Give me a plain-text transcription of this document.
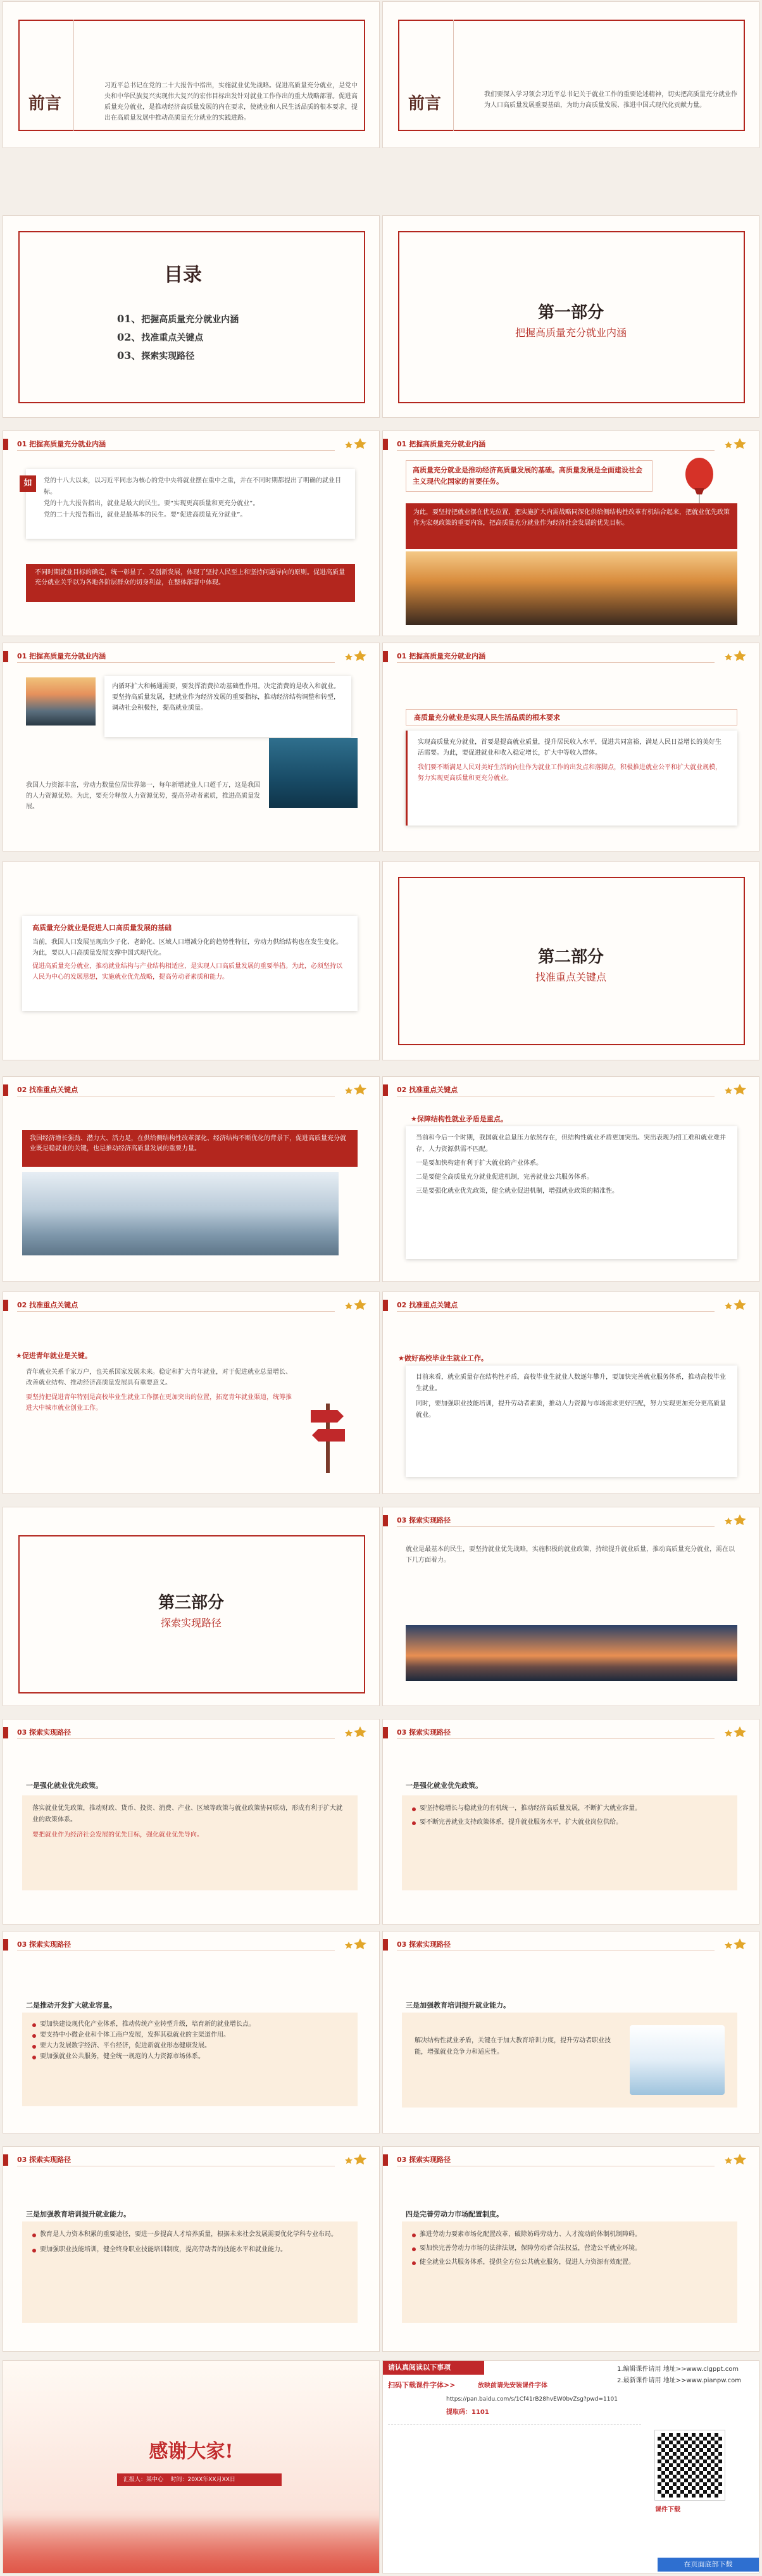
前言
习近平总书记在党的二十大报告中指出，实施就业优先战略。促进高质量充分就业，是党中央和中华民族复兴实现伟大复兴的宏伟目标出发针对就业工作作出的重大战略部署。促进高质量充分就业，是推动经济高质量发展的内在要求，使就业和人民生活品质的根本要求，提出在高质量发展中推动高质量充分就业的实践进路。
前言	我们要深入学习领会习近平总书记关于就业工作的重要论述精神，切实把高质量充分就业作为人口高质量发展重要基础，为助力高质量发展、推进中国式现代化贡献力量。
目录
01、把握高质量充分就业内涵
02、找准重点关键点
03、探索实现路径
第一部分
把握高质量充分就业内涵
01 把握高质量充分就业内涵
如	党的十八大以来，以习近平同志为核心的党中央将就业摆在重中之重，并在不同时期都提出了明确的就业目标。
党的十九大报告指出，就业是最大的民生。要“实现更高质量和更充分就业”。
党的二十大报告指出，就业是最基本的民生。要“促进高质量充分就业”。
不同时期就业目标的确定，统一彰显了、又创新发展，体现了坚持人民至上和坚持问题导向的原则。促进高质量充分就业关乎以为各地各阶层群众的切身利益，在整体部署中体现。
01 把握高质量充分就业内涵
高质量充分就业是推动经济高质量发展的基础。高质量发展是全面建设社会主义现代化国家的首要任务。
为此，要坚持把就业摆在优先位置，把实施扩大内需战略同深化供给侧结构性改革有机结合起来，把就业优先政策作为宏观政策的重要内容，把高质量充分就业作为经济社会发展的优先目标。
01 把握高质量充分就业内涵
内循环扩大和畅通需要，要发挥消费拉动基础性作用。决定消费的是收入和就业。要坚持高质量发展，把就业作为经济发展的重要指标，推动经济结构调整和转型，调动社会积极性，提高就业质量。
我国人力资源丰富，劳动力数量位居世界第一，每年新增就业人口超千万，这是我国的人力资源优势。为此，要充分释放人力资源优势，提高劳动者素质，推进高质量发展。
01 把握高质量充分就业内涵
高质量充分就业是实现人民生活品质的根本要求
实现高质量充分就业，首要是提高就业质量，提升居民收入水平，促进共同富裕，满足人民日益增长的美好生活需要。为此，要促进就业和收入稳定增长，扩大中等收入群体。
我们要不断满足人民对美好生活的向往作为就业工作的出发点和落脚点，积极推进就业公平和扩大就业规模，努力实现更高质量和更充分就业。
高质量充分就业是促进人口高质量发展的基础
当前，我国人口发展呈现出少子化、老龄化、区域人口增减分化的趋势性特征，劳动力供给结构也在发生变化。为此，要以人口高质量发展支撑中国式现代化。
促进高质量充分就业，推动就业结构与产业结构相适应，是实现人口高质量发展的重要举措。为此，必须坚持以人民为中心的发展思想，实施就业优先战略，提高劳动者素质和能力。
第二部分
找准重点关键点
02 找准重点关键点
我国经济增长强劲、潜力大、活力足，在供给侧结构性改革深化、经济结构不断优化的背景下，促进高质量充分就业既是稳就业的关键，也是推动经济高质量发展的重要力量。
02 找准重点关键点
★保障结构性就业矛盾是重点。
当前和今后一个时期，我国就业总量压力依然存在，但结构性就业矛盾更加突出。突出表现为招工难和就业难并存，人力资源供需不匹配。
一是要加快构建有利于扩大就业的产业体系。
二是要健全高质量充分就业促进机制，完善就业公共服务体系。
三是要强化就业优先政策，健全就业促进机制，增强就业政策的精准性。
02 找准重点关键点
★促进青年就业是关键。
青年就业关系千家万户，也关系国家发展未来。稳定和扩大青年就业，对于促进就业总量增长、改善就业结构、推动经济高质量发展具有重要意义。
要坚持把促进青年特别是高校毕业生就业工作摆在更加突出的位置，拓宽青年就业渠道，统筹推进大中城市就业创业工作。
02 找准重点关键点
★做好高校毕业生就业工作。
目前来看，就业质量存在结构性矛盾，高校毕业生就业人数逐年攀升，要加快完善就业服务体系，推动高校毕业生就业。
同时，要加强职业技能培训，提升劳动者素质，推动人力资源与市场需求更好匹配，努力实现更加充分更高质量就业。
第三部分
探索实现路径
03 探索实现路径
就业是最基本的民生，要坚持就业优先战略，实施积极的就业政策，持续提升就业质量，推动高质量充分就业，需在以下几方面着力。
03 探索实现路径
一是强化就业优先政策。
落实就业优先政策，推动财政、货币、投资、消费、产业、区域等政策与就业政策协同联动，形成有利于扩大就业的政策体系。
要把就业作为经济社会发展的优先目标，强化就业优先导向。
03 探索实现路径
一是强化就业优先政策。
要坚持稳增长与稳就业的有机统一，推动经济高质量发展，不断扩大就业容量。
要不断完善就业支持政策体系，提升就业服务水平，扩大就业岗位供给。
03 探索实现路径
二是推动开发扩大就业容量。
要加快建设现代化产业体系，推动传统产业转型升级，培育新的就业增长点。
要支持中小微企业和个体工商户发展，发挥其稳就业的主渠道作用。
要大力发展数字经济、平台经济，促进新就业形态健康发展。
要加强就业公共服务，健全统一规范的人力资源市场体系。
03 探索实现路径
三是加强教育培训提升就业能力。
解决结构性就业矛盾，关键在于加大教育培训力度，提升劳动者职业技能，增强就业竞争力和适应性。
03 探索实现路径
三是加强教育培训提升就业能力。
教育是人力资本积累的重要途径，要进一步提高人才培养质量，根据未来社会发展需要优化学科专业布局。
要加强职业技能培训，健全终身职业技能培训制度，提高劳动者的技能水平和就业能力。
03 探索实现路径
四是完善劳动力市场配置制度。
推进劳动力要素市场化配置改革，破除妨碍劳动力、人才流动的体制机制障碍。
要加快完善劳动力市场的法律法规，保障劳动者合法权益，营造公平就业环境。
健全就业公共服务体系，提供全方位公共就业服务，促进人力资源有效配置。
感谢大家!
汇报人：某中心 时间：20XX年XX月XX日
请认真阅读以下事项
扫码下载课件字体>>	放映前请先安装课件字体
https://pan.baidu.com/s/1Cf41rB28hvEW0bvZsg?pwd=1101
提取码：1101
1.编辑课件请用 地址>>www.clgppt.com
2.最新课件请用 地址>>www.pianpw.com
课件下载
在页面底部下载
